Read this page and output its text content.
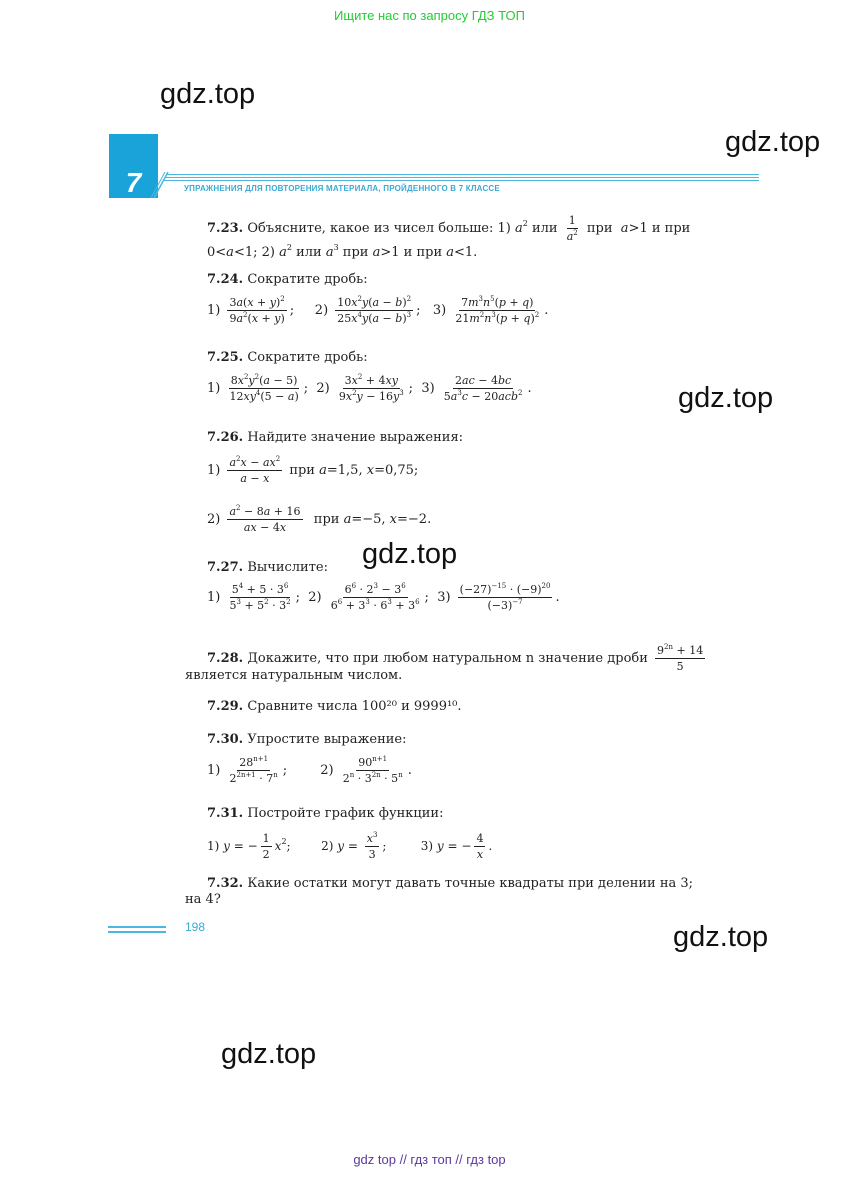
Ищите нас по запросу ГДЗ ТОП
gdz.top
gdz.top
gdz.top
gdz.top
gdz.top
gdz.top
7	УПРАЖНЕНИЯ ДЛЯ ПОВТОРЕНИЯ МАТЕРИАЛА, ПРОЙДЕННОГО В 7 КЛАССЕ
7.23. Объясните, какое из чисел больше: 1) $a^2$ или $\frac{1}{a^2}$ при  a>1 и при
0<a<1; 2) $a^2$ или $a^3$ при a>1 и при a<1.
7.24. Сократите дробь:
$1) \frac{3a(x + y)^2}{9a^2(x + y)}$ ;     $2) \frac{10x^2y(a - b)^2}{25x^4y(a - b)^3}$ ;   $3) \frac{7m^3n^5(p + q)}{21m^2n^3(p + q)^2}$ .
7.25. Сократите дробь:
$1) \frac{8x^2y^2(a - 5)}{12xy^4(5 - a)}$ ;  $2) \frac{3x^2 + 4xy}{9x^2y - 16y^3}$ ;  $3) \frac{2ac - 4bc}{5a^3c - 20acb^2}$ .
7.26. Найдите значение выражения:
$1) \frac{a^2x - ax^2}{a - x}$ при a=1,5, x=0,75;
$2) \frac{a^2 - 8a + 16}{ax - 4x}$ при a=−5, x=−2.
7.27. Вычислите:
$1) \frac{5^4 + 5 \cdot 3^6}{5^3 + 5^2 \cdot 3^2}$ ;  $2) \frac{6^6 \cdot 2^3 - 3^6}{6^6 + 3^3 \cdot 6^3 + 3^6}$ ;  $3) \frac{(-27)^{-15} \cdot (-9)^{20}}{(-3)^{-7}}$ .
7.28. Докажите, что при любом натуральном n значение дроби $\frac{9^{2n} + 14}{5}$
является натуральным числом.
7.29. Сравните числа 100²⁰ и 9999¹⁰.
7.30. Упростите выражение:
$1) \frac{28^{n+1}}{2^{2n+1} \cdot 7^n}$ ;        $2) \frac{90^{n+1}}{2^n \cdot 3^{2n} \cdot 5^n}$ .
7.31. Постройте график функции:
1) y = − $\frac{1}{2} x^2$;        2) $y = \frac{x^3}{3}$ ;         3) y = − $\frac{4}{x}$ .
7.32. Какие остатки могут давать точные квадраты при делении на 3;
на 4?
198
gdz top // гдз топ // гдз top
